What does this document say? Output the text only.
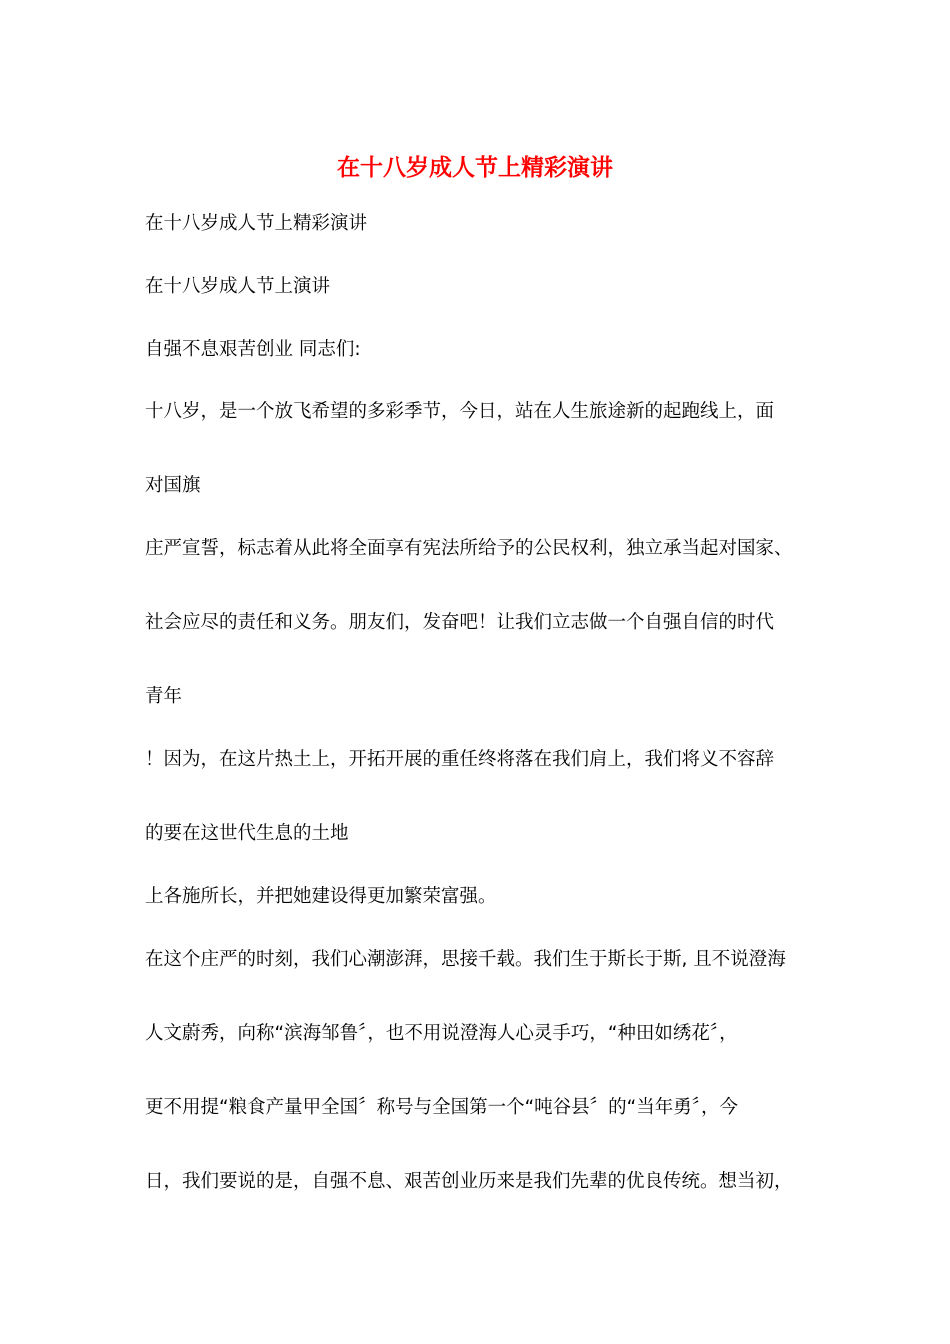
在十八岁成人节上精彩演讲
在十八岁成人节上精彩演讲
在十八岁成人节上演讲
自强不息艰苦创业 同志们:
十八岁，是一个放飞希望的多彩季节，今日，站在人生旅途新的起跑线上，面
对国旗
庄严宣誓，标志着从此将全面享有宪法所给予的公民权利，独立承当起对国家、
社会应尽的责任和义务。朋友们，发奋吧！让我们立志做一个自强自信的时代
青年
！因为，在这片热土上，开拓开展的重任终将落在我们肩上，我们将义不容辞
的要在这世代生息的土地
上各施所长，并把她建设得更加繁荣富强。
在这个庄严的时刻，我们心潮澎湃，思接千载。我们生于斯长于斯, 且不说澄海
人文蔚秀，向称“滨海邹鲁〞，也不用说澄海人心灵手巧，“种田如绣花〞，
更不用提“粮食产量甲全国〞称号与全国第一个“吨谷县〞的“当年勇〞，今
日，我们要说的是，自强不息、艰苦创业历来是我们先辈的优良传统。想当初，
